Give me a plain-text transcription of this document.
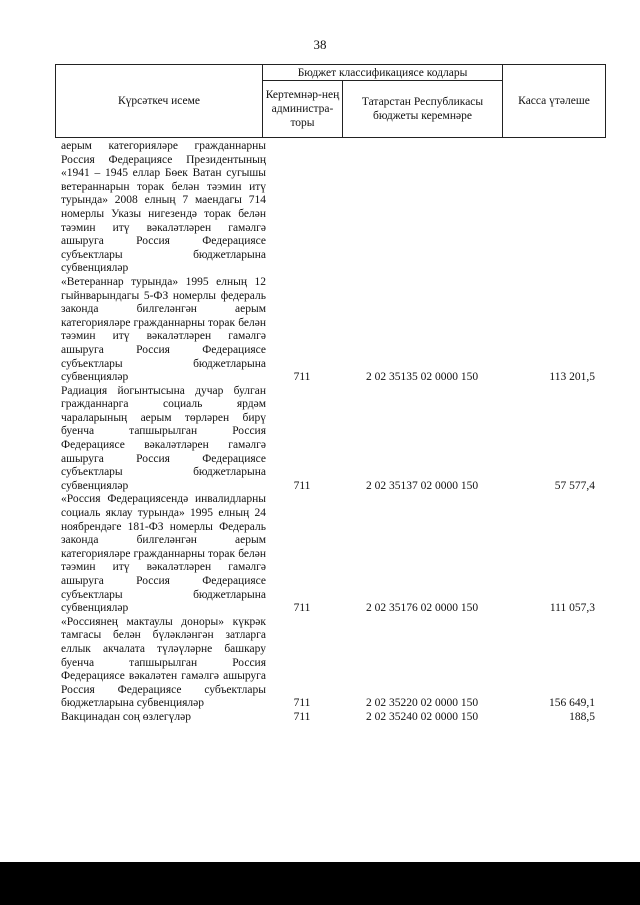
38
Күрсәткеч исеме	Бюджет классификациясе кодлары		Касса үтәлеше
	Кертемнәр-нең администра-торы	Татарстан Республикасы бюджеты керемнәре	

аерым категорияләре гражданнарны Россия Федерациясе Президентының «1941 – 1945 еллар Бөек Ватан сугышы ветераннарын торак белән тәэмин итү турында» 2008 елның 7 маендагы 714 номерлы Указы нигезендә торак белән тәэмин итү вәкаләтләрен гамәлгә ашыруга Россия Федерациясе субъектлары бюджетларына субвенцияләр

«Ветераннар турында» 1995 елның 12 гыйнварындагы 5-ФЗ номерлы федераль законда билгеләнгән аерым категорияләре гражданнарны торак белән тәэмин итү вәкаләтләрен гамәлгә ашыруга Россия Федерациясе субъектлары бюджетларына субвенцияләр	711	2 02 35135 02 0000 150	113 201,5

Радиация йогынтысына дучар булган гражданнарга социаль ярдәм чараларының аерым төрләрен бирү буенча тапшырылган Россия Федерациясе вәкаләтләрен гамәлгә ашыруга Россия Федерациясе субъектлары бюджетларына субвенцияләр	711	2 02 35137 02 0000 150	57 577,4

«Россия Федерациясендә инвалидларны социаль яклау турында» 1995 елның 24 ноябрендәге 181-ФЗ номерлы Федераль законда билгеләнгән аерым категорияләре гражданнарны торак белән тәэмин итү вәкаләтләрен гамәлгә ашыруга Россия Федерациясе субъектлары бюджетларына субвенцияләр	711	2 02 35176 02 0000 150	111 057,3

«Россиянең мактаулы доноры» күкрәк тамгасы белән бүләкләнгән затларга еллык акчалата түләүләрне башкару буенча тапшырылган Россия Федерациясе вәкаләтен гамәлгә ашыруга Россия Федерациясе субъектлары бюджетларына субвенцияләр	711	2 02 35220 02 0000 150	156 649,1

Вакцинадан соң өзлегүләр	711	2 02 35240 02 0000 150	188,5
